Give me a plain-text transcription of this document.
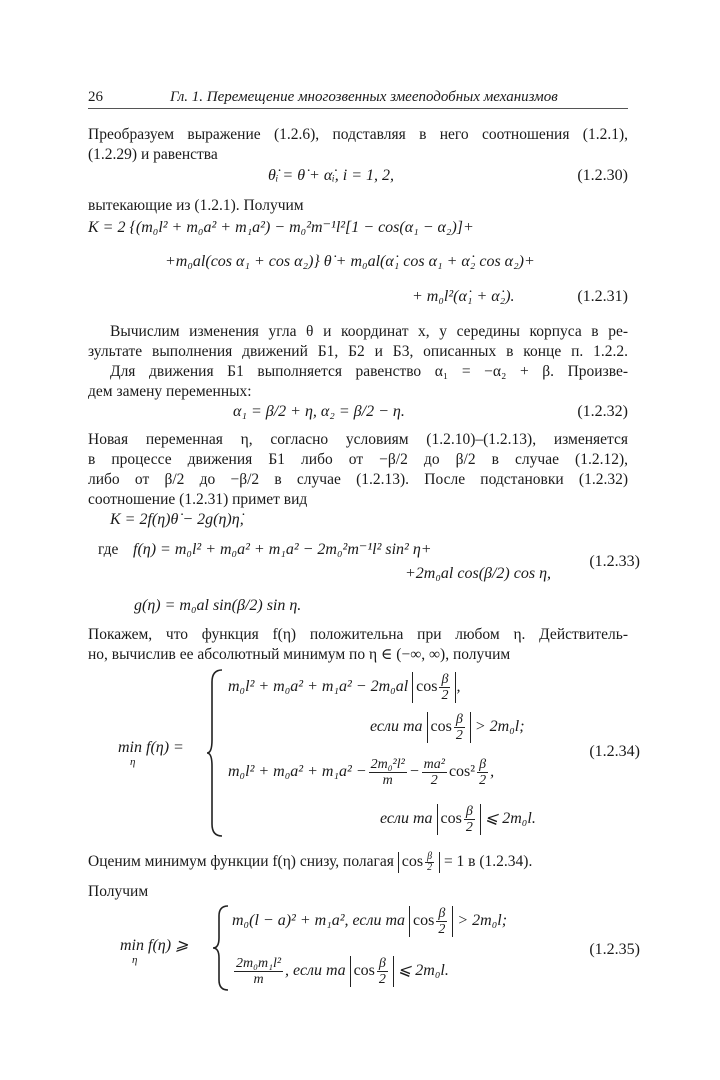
26	Гл. 1. Перемещение многозвенных змееподобных механизмов
Преобразуем выражение (1.2.6), подставляя в него соотношения (1.2.1),
(1.2.29) и равенства
θ̇ᵢ = θ̇ + α̇ᵢ, i = 1, 2,	(1.2.30)
вытекающие из (1.2.1). Получим
K = 2 {(m₀l² + m₀a² + m₁a²) − m₀²m⁻¹l²[1 − cos(α₁ − α₂)]+
+m₀al(cos α₁ + cos α₂)} θ̇ + m₀al(α̇₁ cos α₁ + α̇₂ cos α₂)+
+ m₀l²(α̇₁ + α̇₂).	(1.2.31)
Вычислим изменения угла θ и координат x, y середины корпуса в ре-
зультате выполнения движений Б1, Б2 и Б3, описанных в конце п. 1.2.2.
Для движения Б1 выполняется равенство α₁ = −α₂ + β. Произве-
дем замену переменных:
α₁ = β/2 + η, α₂ = β/2 − η.	(1.2.32)
Новая переменная η, согласно условиям (1.2.10)–(1.2.13), изменяется
в процессе движения Б1 либо от −β/2 до β/2 в случае (1.2.12),
либо от β/2 до −β/2 в случае (1.2.13). После подстановки (1.2.32)
соотношение (1.2.31) примет вид
K = 2f(η)θ̇ − 2g(η)η̇,
где f(η) = m₀l² + m₀a² + m₁a² − 2m₀²m⁻¹l² sin² η+
+2m₀al cos(β/2) cos η,
(1.2.33)
g(η) = m₀al sin(β/2) sin η.
Покажем, что функция f(η) положительна при любом η. Действитель-
но, вычислив ее абсолютный минимум по η ∈ (−∞, ∞), получим
min f(η) =
η
m₀l² + m₀a² + m₁a² − 2m₀al $\cos \frac{\beta}{2}$ ,
если ma $\cos \frac{\beta}{2} > 2m_0l$;
$m_0l^2 + m_0a^2 + m_1a^2 - \frac{\text{2m₀²l²}}{m} - \frac{\text{ma²}}{2} \cos^2 \frac{\beta}{2}$ ,
если ma $\cos \frac{\beta}{2}$ ⩽ 2m₀l.
(1.2.34)
Оценим минимум функции f(η) снизу, полагая $\cos \frac{\beta}{2} = 1$ в (1.2.34).
Получим
min f(η) ⩾
η
m₀(l − a)² + m₁a², если ma $\cos \frac{\beta}{2} > 2m_0l$;
$\frac{\text{2m₀m₁l²}}{m}$ , если ma $\cos \frac{\beta}{2}$ ⩽ 2m₀l.
(1.2.35)
